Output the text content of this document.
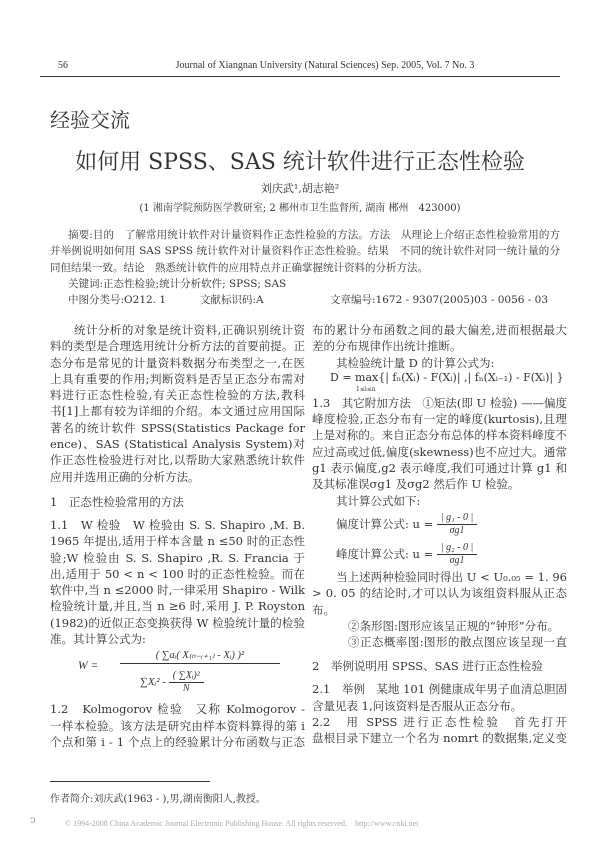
56	Journal of Xiangnan University (Natural Sciences) Sep. 2005, Vol. 7 No. 3
经验交流
如何用 SPSS、SAS 统计软件进行正态性检验
刘庆武¹,胡志艳²
(1 湘南学院预防医学教研室; 2 郴州市卫生监督所, 湖南 郴州　423000)
摘要:目的　了解常用统计软件对计量资料作正态性检验的方法。方法　从理论上介绍正态性检验常用的方
并举例说明如何用 SAS SPSS 统计软件对计量资料作正态性检验。结果　不同的统计软件对同一统计量的分
同但结果一致。结论　熟悉统计软件的应用特点并正确掌握统计资料的分析方法。
关键词:正态性检验;统计分析软件; SPSS; SAS
中图分类号:O212. 1	文献标识码:A	文章编号:1672 - 9307(2005)03 - 0056 - 03
统计分析的对象是统计资料,正确识别统计资
料的类型是合理选用统计分析方法的首要前提。正
态分布是常见的计量资料数据分布类型之一,在医
上具有重要的作用;判断资料是否呈正态分布需对
料进行正态性检验,有关正态性检验的方法,教科
书[1]上都有较为详细的介绍。本文通过应用国际
著名的统计软件 SPSS(Statistics Package for
ence)、SAS (Statistical Analysis System)对
作正态性检验进行对比,以帮助大家熟悉统计软件
应用并选用正确的分析方法。
1　正态性检验常用的方法
1.1　W 检验　W 检验由 S. S. Shapiro ,M. B.
1965 年提出,适用于样本含量 n ≤50 时的正态性
验;W 检验由 S. S. Shapiro ,R. S. Francia 于
出,适用于 50 < n < 100 时的正态性检验。而在
软件中,当 n ≤2000 时,一律采用 Shapiro - Wilk
检验统计量,并且,当 n ≥6 时,采用 J. P. Royston
(1982)的近似正态变换获得 W 检验统计量的检验
准。其计算公式为:
W =
( ∑aᵢ( X₍ₙ₋ᵢ₊₁₎ - Xᵢ) )²
∑Xᵢ² - $\frac{\text{( ∑Xᵢ)²}}{N}$
1.2　Kolmogorov 检验　又称 Kolmogorov -
一样本检验。该方法是研究由样本资料算得的第 i
个点和第 i - 1 个点上的经验累计分布函数与正态
布的累计分布函数之间的最大偏差,进而根据最大
差的分布规律作出统计推断。
其检验统计量 D 的计算公式为:
D = max{| fₙ(Xᵢ) - F(Xᵢ)| ,| fₙ(Xᵢ₋₁) - F(Xᵢ)| }
1≤i≤n
1.3　其它附加方法　①矩法(即 U 检验) ——偏度
峰度检验,正态分布有一定的峰度(kurtosis),且理
上是对称的。来自正态分布总体的样本资料峰度不
应过高或过低,偏度(skewness)也不应过大。通常
g1 表示偏度,g2 表示峰度,我们可通过计算 g1 和
及其标准误σg1 及σg2 然后作 U 检验。
其计算公式如下:
偏度计算公式: $u = \frac{\text{| g₁ - 0 |}}{\sigma g1}$
峰度计算公式: $u = \frac{\text{| g₂ - 0 |}}{\sigma g1}$
当上述两种检验同时得出 U < U₀.₀₅ = 1. 96
> 0. 05 的结论时,才可以认为该组资料服从正态
布。
②条形图:图形应该呈正规的“钟形”分布。
③正态概率图:图形的散点图应该呈现一直
2　举例说明用 SPSS、SAS 进行正态性检验
2.1　举例　某地 101 例健康成年男子血清总胆固
含量见表 1,问该资料是否服从正态分布。
2.2　用 SPSS 进行正态性检验　首先打开
盘根目录下建立一个名为 nomrt 的数据集,定义变
作者简介:刘庆武(1963 - ),男,湖南衡阳人,教授。
ↄ	© 1994-2008 China Academic Journal Electronic Publishing House. All rights reserved.　http://www.cnki.net
